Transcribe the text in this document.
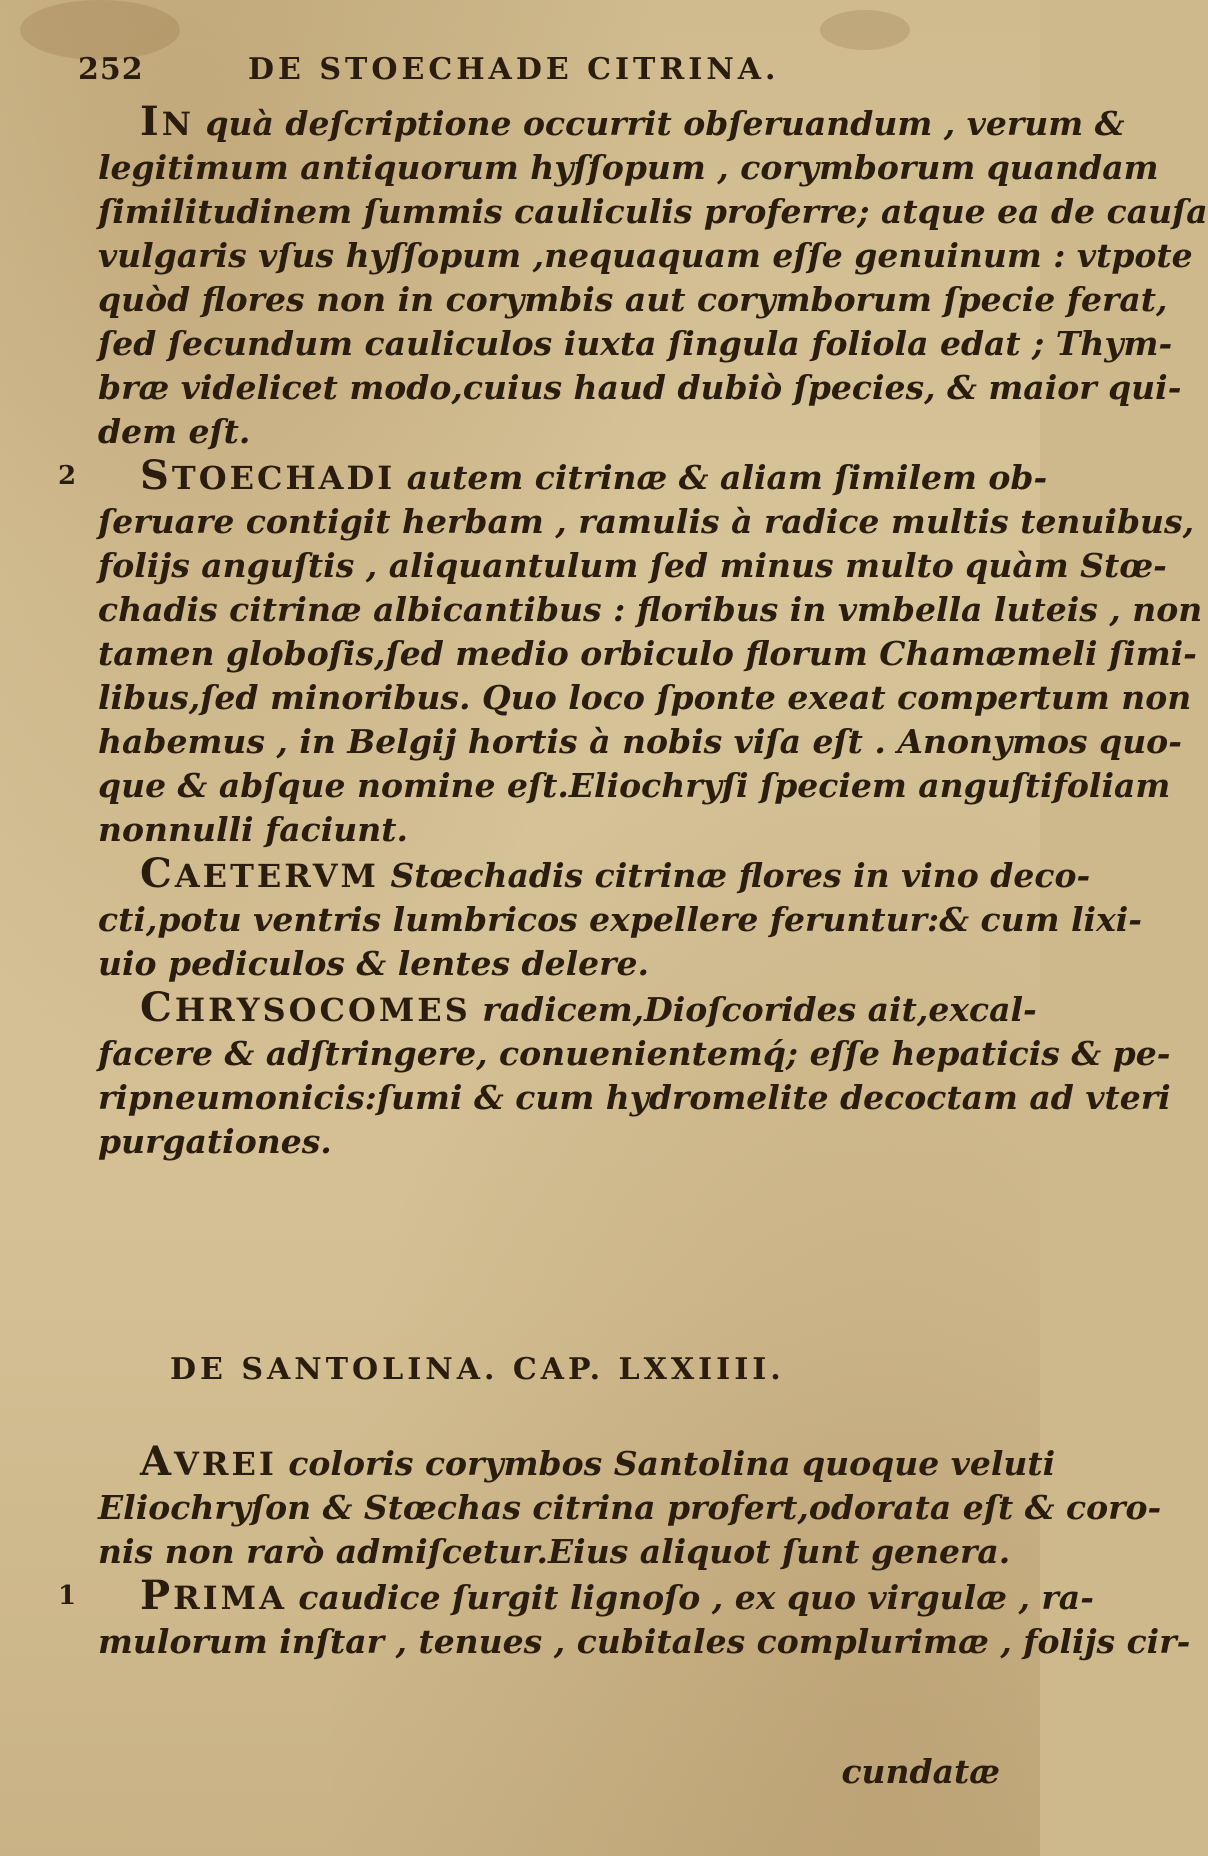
252	DE STOECHADE CITRINA.
IN quà deſcriptione occurrit obſeruandum , verum &
legitimum antiquorum hyſſopum , corymborum quandam
ſimilitudinem ſummis cauliculis proferre; atque ea de cauſa
vulgaris vſus hyſſopum ,nequaquam eſſe genuinum : vtpote
quòd flores non in corymbis aut corymborum ſpecie ferat,
ſed ſecundum cauliculos iuxta ſingula foliola edat ; Thym-
bræ videlicet modo,cuius haud dubiò ſpecies, & maior qui-
dem eſt.
2	STOECHADI autem citrinæ & aliam ſimilem ob-
ſeruare contigit herbam , ramulis à radice multis tenuibus,
folijs anguſtis , aliquantulum ſed minus multo quàm Stœ-
chadis citrinæ albicantibus : floribus in vmbella luteis , non
tamen globoſis,ſed medio orbiculo florum Chamæmeli ſimi-
libus,ſed minoribus. Quo loco ſponte exeat compertum non
habemus , in Belgij hortis à nobis viſa eſt . Anonymos quo-
que & abſque nomine eſt.Eliochryſi ſpeciem anguſtifoliam
nonnulli faciunt.
CAETERVM Stœchadis citrinæ flores in vino deco-
cti,potu ventris lumbricos expellere feruntur:& cum lixi-
uio pediculos & lentes delere.
CHRYSOCOMES radicem,Dioſcorides ait,excal-
facere & adſtringere, conuenientemq́; eſſe hepaticis & pe-
ripneumonicis:ſumi & cum hydromelite decoctam ad vteri
purgationes.
DE SANTOLINA. CAP. LXXIIII.
AVREI coloris corymbos Santolina quoque veluti
Eliochryſon & Stœchas citrina profert,odorata eſt & coro-
nis non rarò admiſcetur.Eius aliquot ſunt genera.
1	PRIMA caudice ſurgit lignoſo , ex quo virgulæ , ra-
mulorum inſtar , tenues , cubitales complurimæ , folijs cir-
cundatæ
